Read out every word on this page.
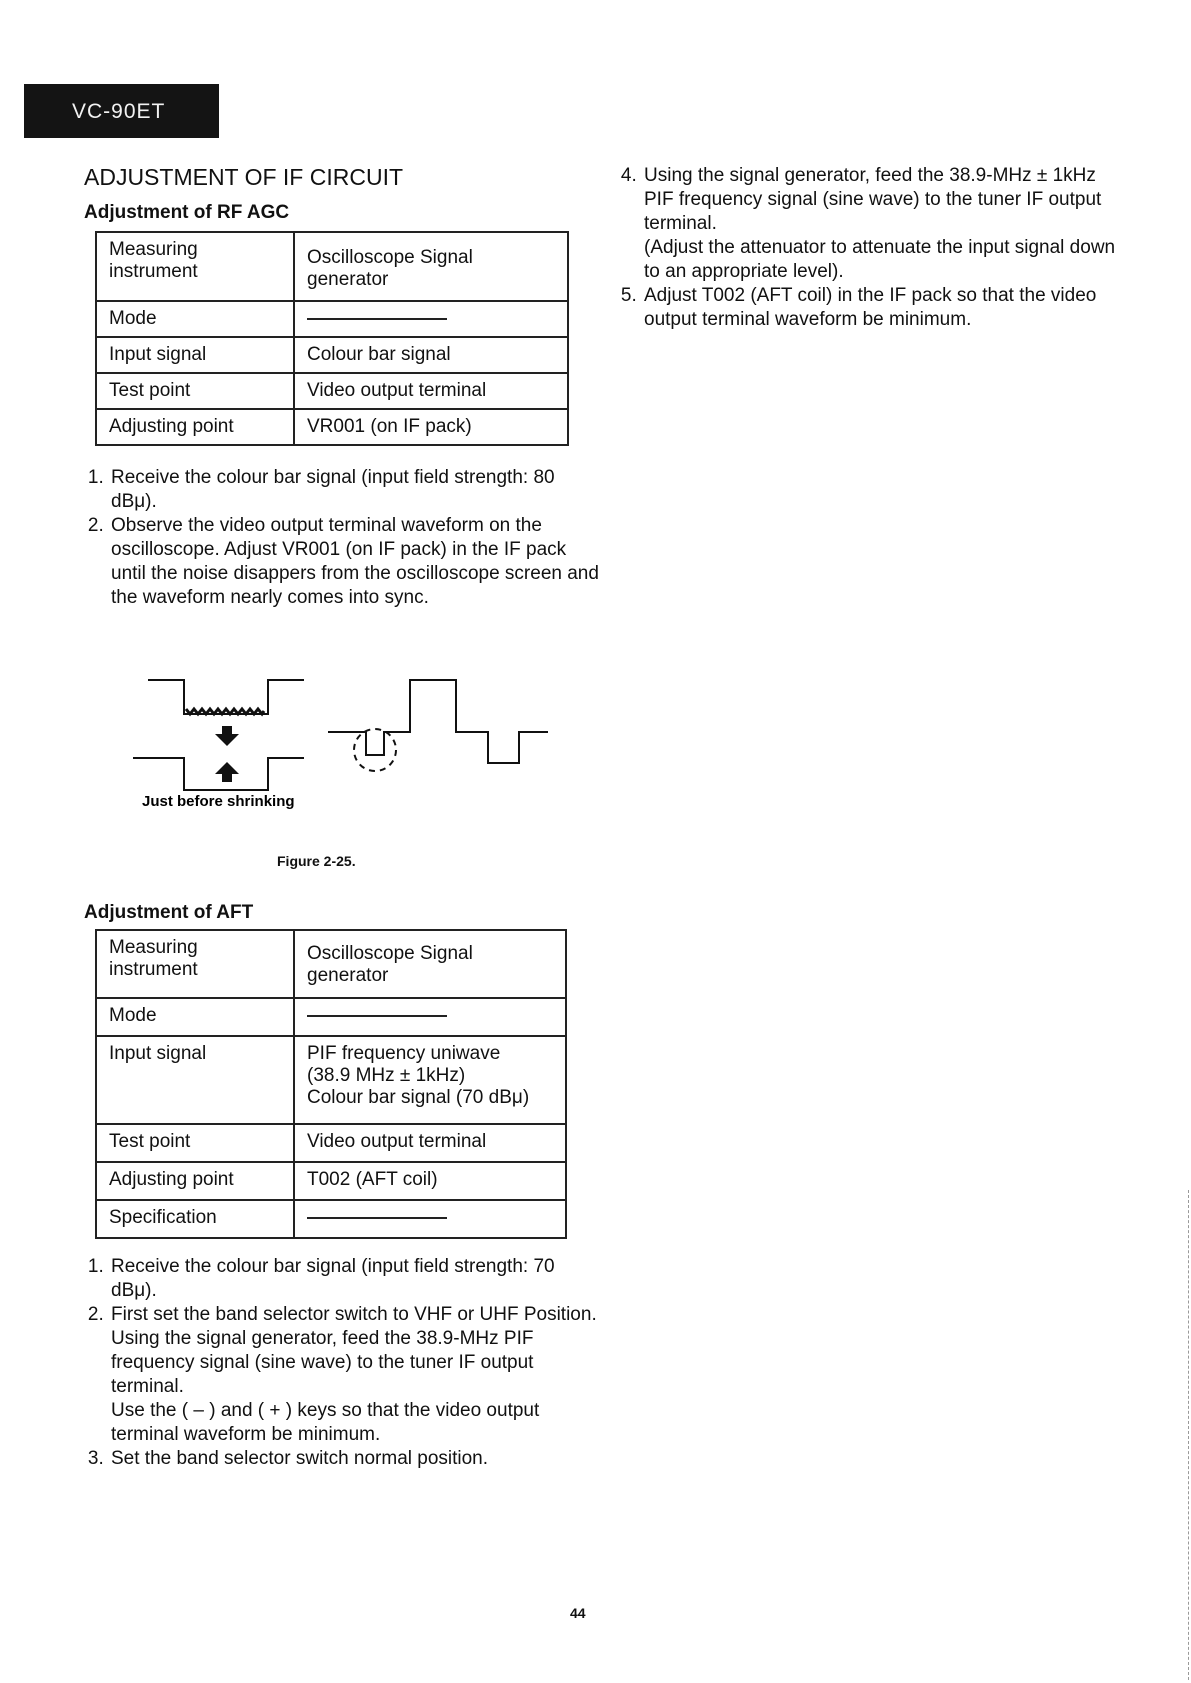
VC-90ET
ADJUSTMENT OF IF CIRCUIT
Adjustment of RF AGC
Measuring instrument	Oscilloscope Signal generator
Mode	
Input signal	Colour bar signal
Test point	Video output terminal
Adjusting point	VR001 (on IF pack)
1. Receive the colour bar signal (input field strength: 80 dBμ).
2. Observe the video output terminal waveform on the oscilloscope. Adjust VR001 (on IF pack) in the IF pack until the noise disappers from the oscilloscope screen and the waveform nearly comes into sync.
Just before shrinking
Figure 2-25.
Adjustment of AFT
Measuring instrument	Oscilloscope Signal generator
Mode	
Input signal	PIF frequency uniwave
(38.9 MHz ± 1kHz)
Colour bar signal (70 dBμ)

Test point	Video output terminal
Adjusting point	T002 (AFT coil)
Specification	
1. Receive the colour bar signal (input field strength: 70 dBμ).
2. First set the band selector switch to VHF or UHF Position.
Using the signal generator, feed the 38.9-MHz PIF frequency signal (sine wave) to the tuner IF output terminal.
Use the ( – ) and ( + ) keys so that the video output terminal waveform be minimum.
3. Set the band selector switch normal position.
4. Using the signal generator, feed the 38.9-MHz ± 1kHz PIF frequency signal (sine wave) to the tuner IF output terminal.
(Adjust the attenuator to attenuate the input signal down to an appropriate level).
5. Adjust T002 (AFT coil) in the IF pack so that the video output terminal waveform be minimum.
44
